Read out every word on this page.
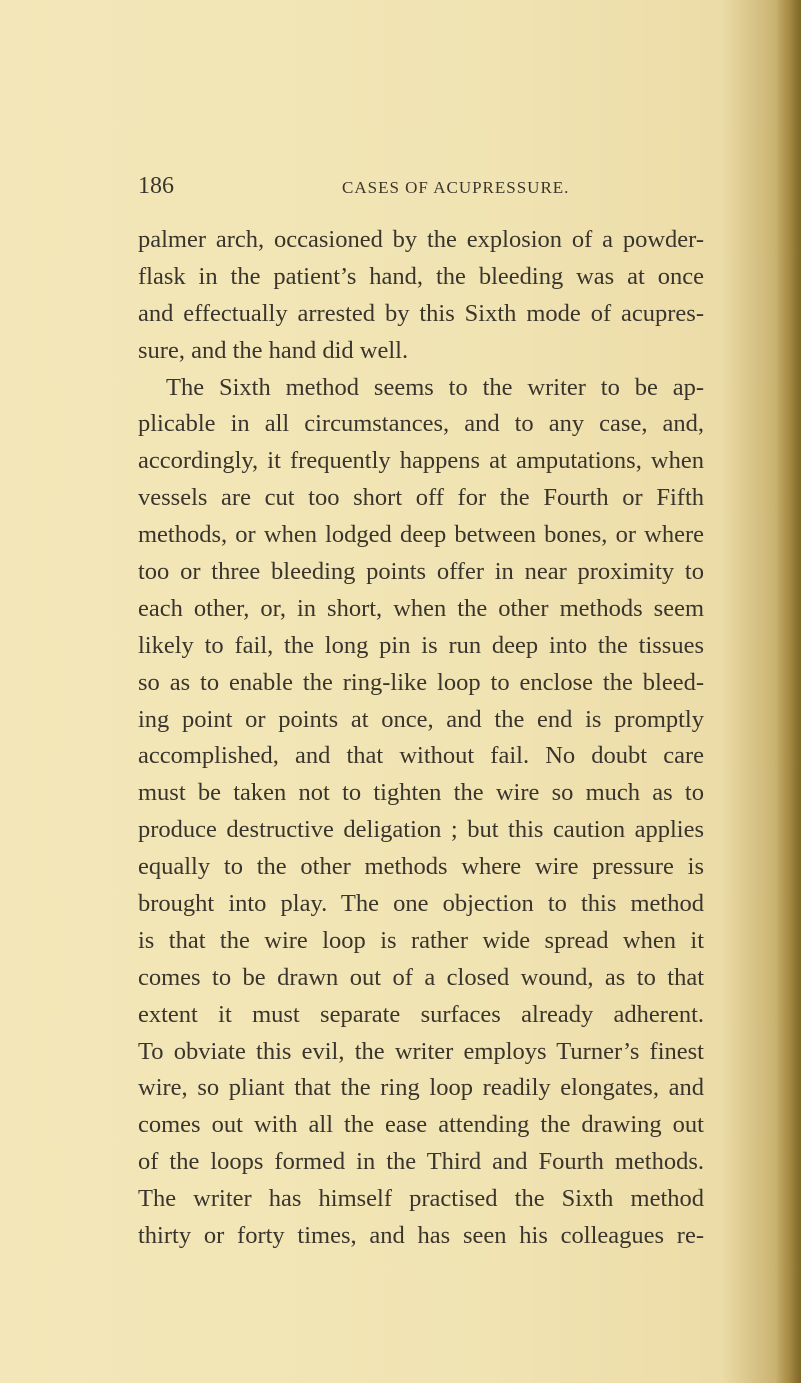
186	CASES OF ACUPRESSURE.
palmer arch, occasioned by the explosion of a powder-
flask in the patient’s hand, the bleeding was at once
and effectually arrested by this Sixth mode of acupres-
sure, and the hand did well.
The Sixth method seems to the writer to be ap-
plicable in all circumstances, and to any case, and,
accordingly, it frequently happens at amputations, when
vessels are cut too short off for the Fourth or Fifth
methods, or when lodged deep between bones, or where
too or three bleeding points offer in near proximity to
each other, or, in short, when the other methods seem
likely to fail, the long pin is run deep into the tissues
so as to enable the ring-like loop to enclose the bleed-
ing point or points at once, and the end is promptly
accomplished, and that without fail. No doubt care
must be taken not to tighten the wire so much as to
produce destructive deligation ; but this caution applies
equally to the other methods where wire pressure is
brought into play. The one objection to this method
is that the wire loop is rather wide spread when it
comes to be drawn out of a closed wound, as to that
extent it must separate surfaces already adherent.
To obviate this evil, the writer employs Turner’s finest
wire, so pliant that the ring loop readily elongates, and
comes out with all the ease attending the drawing out
of the loops formed in the Third and Fourth methods.
The writer has himself practised the Sixth method
thirty or forty times, and has seen his colleagues re-
